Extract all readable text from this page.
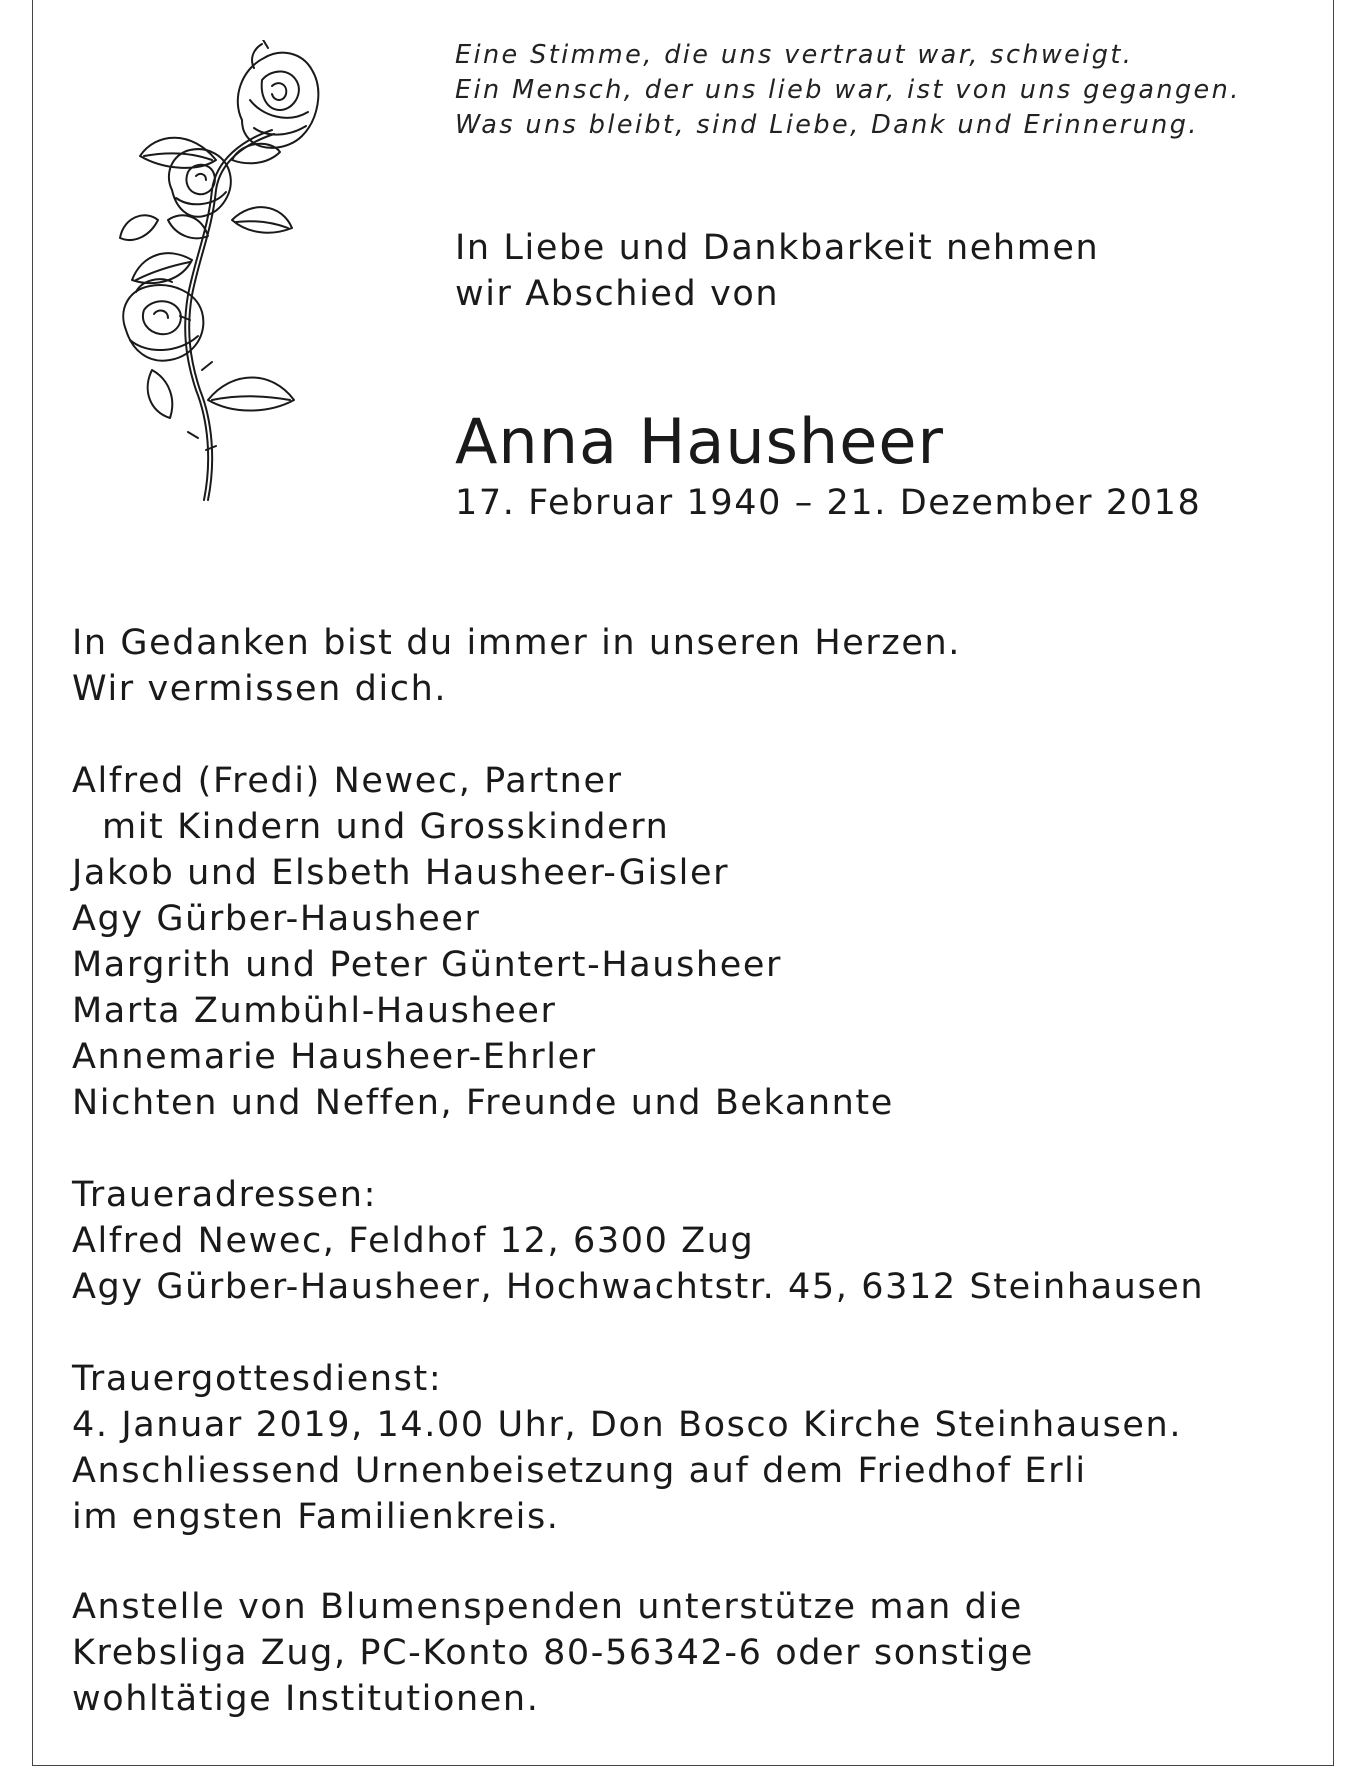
Eine Stimme, die uns vertraut war, schweigt.
Ein Mensch, der uns lieb war, ist von uns gegangen.
Was uns bleibt, sind Liebe, Dank und Erinnerung.
In Liebe und Dankbarkeit nehmen
wir Abschied von
Anna Hausheer
17. Februar 1940 – 21. Dezember 2018
In Gedanken bist du immer in unseren Herzen.
Wir vermissen dich.
Alfred (Fredi) Newec, Partner
mit Kindern und Grosskindern
Jakob und Elsbeth Hausheer-Gisler
Agy Gürber-Hausheer
Margrith und Peter Güntert-Hausheer
Marta Zumbühl-Hausheer
Annemarie Hausheer-Ehrler
Nichten und Neffen, Freunde und Bekannte
Traueradressen:
Alfred Newec, Feldhof 12, 6300 Zug
Agy Gürber-Hausheer, Hochwachtstr. 45, 6312 Steinhausen
Trauergottesdienst:
4. Januar 2019, 14.00 Uhr, Don Bosco Kirche Steinhausen.
Anschliessend Urnenbeisetzung auf dem Friedhof Erli
im engsten Familienkreis.
Anstelle von Blumenspenden unterstütze man die
Krebsliga Zug, PC-Konto 80-56342-6 oder sonstige
wohltätige Institutionen.
